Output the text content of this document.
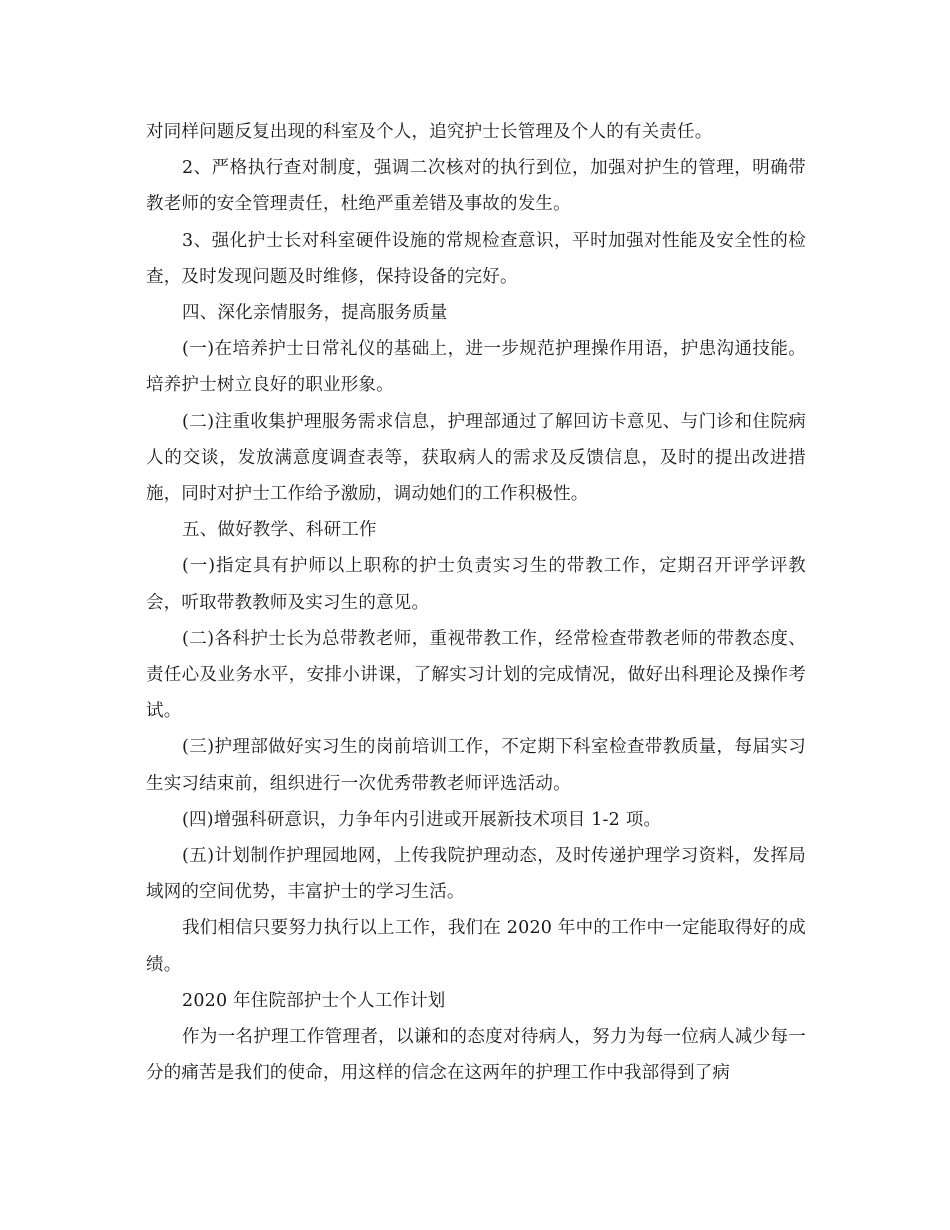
对同样问题反复出现的科室及个人，追究护士长管理及个人的有关责任。

2、严格执行查对制度，强调二次核对的执行到位，加强对护生的管理，明确带教老师的安全管理责任，杜绝严重差错及事故的发生。

3、强化护士长对科室硬件设施的常规检查意识，平时加强对性能及安全性的检查，及时发现问题及时维修，保持设备的完好。

四、深化亲情服务，提高服务质量

(一)在培养护士日常礼仪的基础上，进一步规范护理操作用语，护患沟通技能。培养护士树立良好的职业形象。

(二)注重收集护理服务需求信息，护理部通过了解回访卡意见、与门诊和住院病人的交谈，发放满意度调查表等，获取病人的需求及反馈信息，及时的提出改进措施，同时对护士工作给予激励，调动她们的工作积极性。

五、做好教学、科研工作

(一)指定具有护师以上职称的护士负责实习生的带教工作，定期召开评学评教会，听取带教教师及实习生的意见。

(二)各科护士长为总带教老师，重视带教工作，经常检查带教老师的带教态度、责任心及业务水平，安排小讲课，了解实习计划的完成情况，做好出科理论及操作考试。

(三)护理部做好实习生的岗前培训工作，不定期下科室检查带教质量，每届实习生实习结束前，组织进行一次优秀带教老师评选活动。

(四)增强科研意识，力争年内引进或开展新技术项目 1-2 项。

(五)计划制作护理园地网，上传我院护理动态，及时传递护理学习资料，发挥局域网的空间优势，丰富护士的学习生活。

我们相信只要努力执行以上工作，我们在 2020 年中的工作中一定能取得好的成绩。

2020 年住院部护士个人工作计划

作为一名护理工作管理者，以谦和的态度对待病人，努力为每一位病人减少每一分的痛苦是我们的使命，用这样的信念在这两年的护理工作中我部得到了病
